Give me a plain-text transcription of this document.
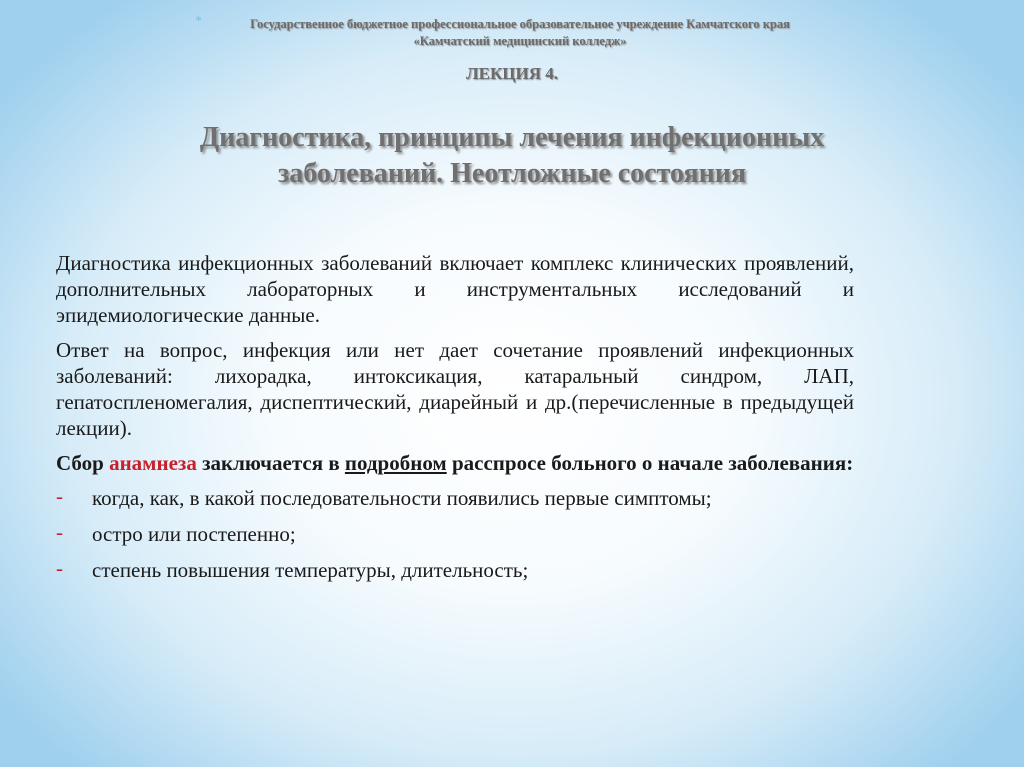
*	Государственное бюджетное профессиональное образовательное учреждение Камчатского края
«Камчатский медицинский колледж»
ЛЕКЦИЯ 4.
Диагностика, принципы лечения инфекционных
заболеваний. Неотложные состояния

Диагностика инфекционных заболеваний включает комплекс клинических проявлений, дополнительных лабораторных и инструментальных исследований и эпидемиологические данные.

Ответ на вопрос, инфекция или нет дает сочетание проявлений инфекционных заболеваний: лихорадка, интоксикация, катаральный синдром, ЛАП, гепатоспленомегалия, диспептический, диарейный и др.(перечисленные в предыдущей лекции).

Сбор анамнеза заключается в подробном расспросе больного о начале заболевания:

- когда, как, в какой последовательности появились первые симптомы;
- остро или постепенно;
- степень повышения температуры, длительность;
